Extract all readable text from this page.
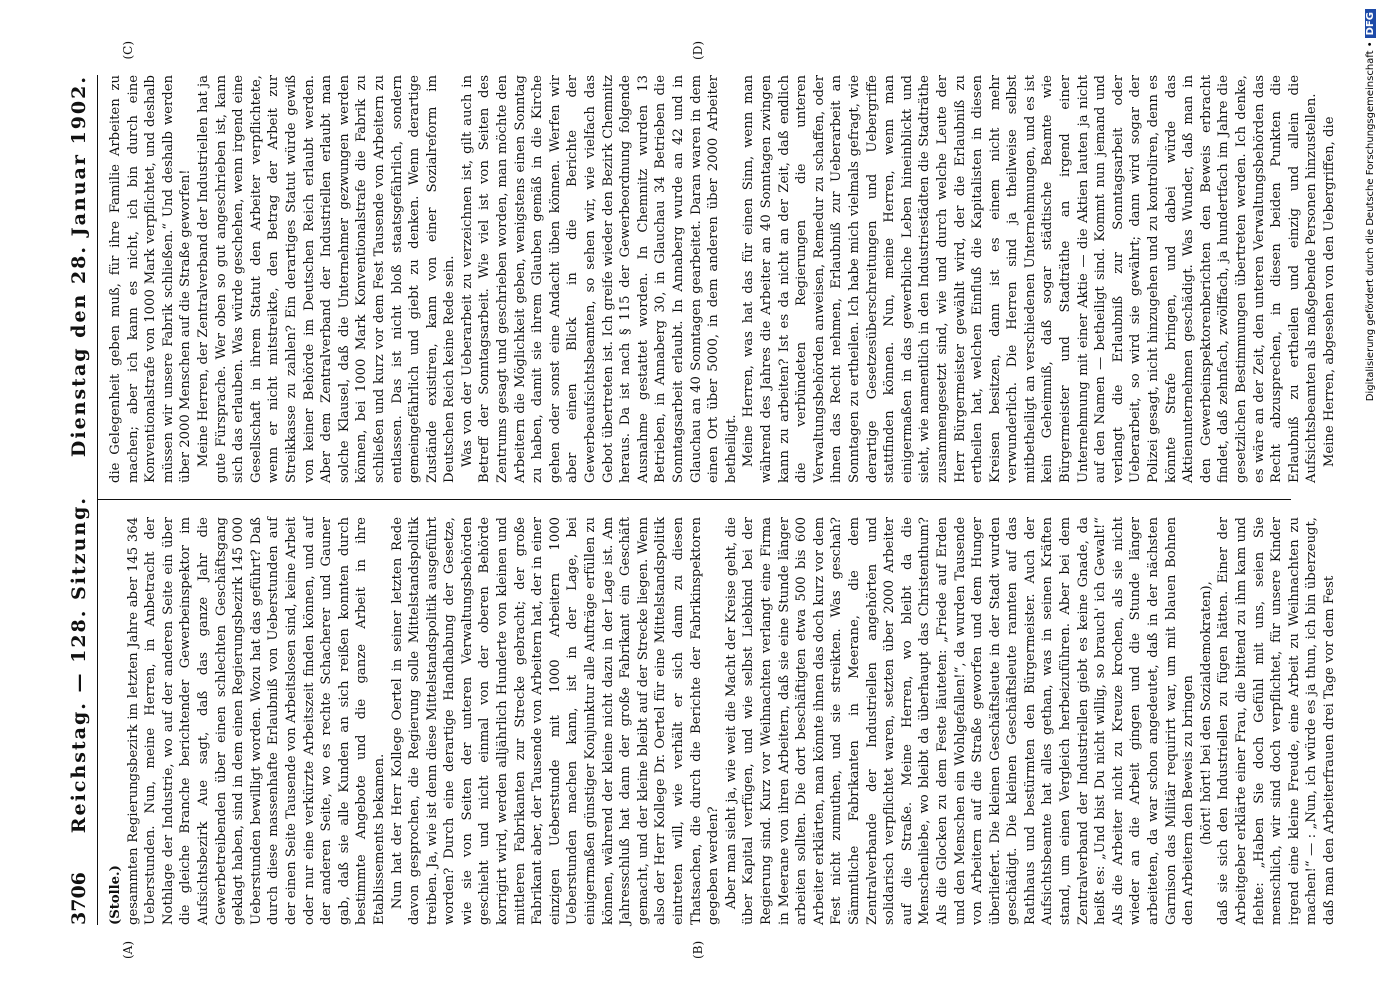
3706
Reichstag. — 128. Sitzung.
Dienstag den 28. Januar 1902.
(A)	(B)
(C)	(D)

(Stolle.) gesammten Regierungsbezirk im letzten Jahre aber 145 364 Ueberstunden. Nun, meine Herren, in Anbetracht der Nothlage der Industrie, wo auf der anderen Seite ein über die gleiche Branche berichtender Gewerbeinspektor im Aufsichtsbezirk Aue sagt, daß das ganze Jahr die Gewerbetreibenden über einen schlechten Geschäftsgang geklagt haben, sind in dem einen Regierungsbezirk 145 000 Ueberstunden bewilligt worden. Wozu hat das geführt? Daß durch diese massenhafte Erlaubniß von Ueberstunden auf der einen Seite Tausende von Arbeitslosen sind, keine Arbeit oder nur eine verkürzte Arbeitszeit finden können, und auf der anderen Seite, wo es rechte Schacherer und Gauner gab, daß sie alle Kunden an sich reißen konnten durch bestimmte Angebote und die ganze Arbeit in ihre Etablissements bekamen. Nun hat der Herr Kollege Oertel in seiner letzten Rede davon gesprochen, die Regierung solle Mittelstandspolitik treiben. Ja, wie ist denn diese Mittelstandspolitik ausgeführt worden? Durch eine derartige Handhabung der Gesetze, wie sie von Seiten der unteren Verwaltungsbehörden geschieht und nicht einmal von der oberen Behörde korrigirt wird, werden alljährlich Hunderte von kleinen und mittleren Fabrikanten zur Strecke gebracht; der große Fabrikant aber, der Tausende von Arbeitern hat, der in einer einzigen Ueberstunde mit 1000 Arbeitern 1000 Ueberstunden machen kann, ist in der Lage, bei einigermaßen günstiger Konjunktur alle Aufträge erfüllen zu können, während der kleine nicht dazu in der Lage ist. Am Jahresschluß hat dann der große Fabrikant ein Geschäft gemacht, und der kleine bleibt auf der Strecke liegen. Wenn also der Herr Kollege Dr. Oertel für eine Mittelstandspolitik eintreten will, wie verhält er sich dann zu diesen Thatsachen, die durch die Berichte der Fabrikinspektoren gegeben werden? Aber man sieht ja, wie weit die Macht der Kreise geht, die über Kapital verfügen, und wie selbst Liebkind bei der Regierung sind. Kurz vor Weihnachten verlangt eine Firma in Meerane von ihren Arbeitern, daß sie eine Stunde länger arbeiten sollten. Die dort beschäftigten etwa 500 bis 600 Arbeiter erklärten, man könnte ihnen das doch kurz vor dem Fest nicht zumuthen, und sie streikten. Was geschah? Sämmtliche Fabrikanten in Meerane, die dem Zentralverbande der Industriellen angehörten und solidarisch verpflichtet waren, setzten über 2000 Arbeiter auf die Straße. Meine Herren, wo bleibt da die Menschenliebe, wo bleibt da überhaupt das Christenthum? Als die Glocken zu dem Feste läuteten: „Friede auf Erden und den Menschen ein Wohlgefallen!“, da wurden Tausende von Arbeitern auf die Straße geworfen und dem Hunger überliefert. Die kleinen Geschäftsleute in der Stadt wurden geschädigt. Die kleinen Geschäftsleute rannten auf das Rathhaus und bestürmten den Bürgermeister. Auch der Aufsichtsbeamte hat alles gethan, was in seinen Kräften stand, um einen Vergleich herbeizuführen. Aber bei dem Zentralverband der Industriellen giebt es keine Gnade, da heißt es: „Und bist Du nicht willig, so brauch' ich Gewalt!“ Als die Arbeiter nicht zu Kreuze krochen, als sie nicht wieder an die Arbeit gingen und die Stunde länger arbeiteten, da war schon angedeutet, daß in der nächsten Garnison das Militär requirirt war, um mit blauen Bohnen den Arbeitern den Beweis zu bringen (hört! hört! bei den Sozialdemokraten), daß sie sich den Industriellen zu fügen hätten. Einer der Arbeitgeber erklärte einer Frau, die bittend zu ihm kam und flehte: „Haben Sie doch Gefühl mit uns, seien Sie menschlich, wir sind doch verpflichtet, für unsere Kinder irgend eine kleine Freude, eine Arbeit zu Weihnachten zu machen!“ — : „Nun, ich würde es ja thun, ich bin überzeugt, daß man den Arbeiterfrauen drei Tage vor dem Fest

die Gelegenheit geben muß, für ihre Familie Arbeiten zu machen; aber ich kann es nicht, ich bin durch eine Konventionalstrafe von 1000 Mark verpflichtet, und deshalb müssen wir unsere Fabrik schließen.“ Und deshalb werden über 2000 Menschen auf die Straße geworfen! Meine Herren, der Zentralverband der Industriellen hat ja gute Fürsprache. Wer oben so gut angeschrieben ist, kann sich das erlauben. Was würde geschehen, wenn irgend eine Gesellschaft in ihrem Statut den Arbeiter verpflichtete, wenn er nicht mitstreikte, den Betrag der Arbeit zur Streikkasse zu zahlen? Ein derartiges Statut würde gewiß von keiner Behörde im Deutschen Reich erlaubt werden. Aber dem Zentralverband der Industriellen erlaubt man solche Klausel, daß die Unternehmer gezwungen werden können, bei 1000 Mark Konventionalstrafe die Fabrik zu schließen und kurz vor dem Fest Tausende von Arbeitern zu entlassen. Das ist nicht bloß staatsgefährlich, sondern gemeingefährlich und giebt zu denken. Wenn derartige Zustände existiren, kann von einer Sozialreform im Deutschen Reich keine Rede sein. Was von der Ueberarbeit zu verzeichnen ist, gilt auch in Betreff der Sonntagsarbeit. Wie viel ist von Seiten des Zentrums gesagt und geschrieben worden, man möchte den Arbeitern die Möglichkeit geben, wenigstens einen Sonntag zu haben, damit sie ihrem Glauben gemäß in die Kirche gehen oder sonst eine Andacht üben können. Werfen wir aber einen Blick in die Berichte der Gewerbeaufsichtsbeamten, so sehen wir, wie vielfach das Gebot übertreten ist. Ich greife wieder den Bezirk Chemnitz heraus. Da ist nach § 115 der Gewerbeordnung folgende Ausnahme gestattet worden. In Chemnitz wurden 13 Betrieben, in Annaberg 30, in Glauchau 34 Betrieben die Sonntagsarbeit erlaubt. In Annaberg wurde an 42 und in Glauchau an 40 Sonntagen gearbeitet. Daran waren in dem einen Ort über 5000, in dem anderen über 2000 Arbeiter betheiligt. Meine Herren, was hat das für einen Sinn, wenn man während des Jahres die Arbeiter an 40 Sonntagen zwingen kann zu arbeiten? Ist es da nicht an der Zeit, daß endlich die verbündeten Regierungen die unteren Verwaltungsbehörden anweisen, Remedur zu schaffen, oder ihnen das Recht nehmen, Erlaubniß zur Ueberarbeit an Sonntagen zu ertheilen. Ich habe mich vielmals gefragt, wie derartige Gesetzesüberschreitungen und Uebergriffe stattfinden können. Nun, meine Herren, wenn man einigermaßen in das gewerbliche Leben hineinblickt und sieht, wie namentlich in den Industriestädten die Stadträthe zusammengesetzt sind, wie und durch welche Leute der Herr Bürgermeister gewählt wird, der die Erlaubniß zu ertheilen hat, welchen Einfluß die Kapitalisten in diesen Kreisen besitzen, dann ist es einem nicht mehr verwunderlich. Die Herren sind ja theilweise selbst mitbetheiligt an verschiedenen Unternehmungen, und es ist kein Geheimniß, daß sogar städtische Beamte wie Bürgermeister und Stadträthe an irgend einer Unternehmung mit einer Aktie — die Aktien lauten ja nicht auf den Namen — betheiligt sind. Kommt nun jemand und verlangt die Erlaubniß zur Sonntagsarbeit oder Ueberarbeit, so wird sie gewährt; dann wird sogar der Polizei gesagt, nicht hinzugehen und zu kontroliren, denn es könnte Strafe bringen, und dabei würde das Aktienunternehmen geschädigt. Was Wunder, daß man in den Gewerbeinspektorenberichten den Beweis erbracht findet, daß zehnfach, zwölffach, ja hundertfach im Jahre die gesetzlichen Bestimmungen übertreten werden. Ich denke, es wäre an der Zeit, den unteren Verwaltungsbehörden das Recht abzusprechen, in diesen beiden Punkten die Erlaubniß zu ertheilen und einzig und allein die Aufsichtsbeamten als maßgebende Personen hinzustellen. Meine Herren, abgesehen von den Uebergriffen, die	Digitalisierung gefördert durch die Deutsche Forschungsgemeinschaft •DFG
